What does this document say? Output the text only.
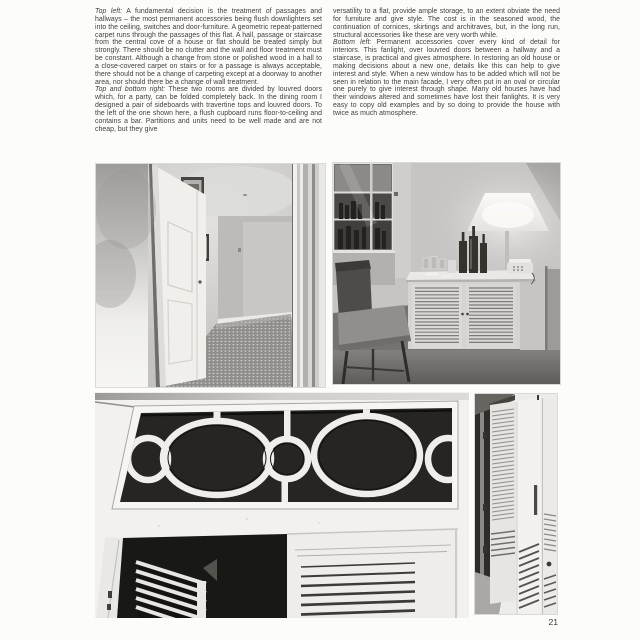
Top left: A fundamental decision is the treatment of passages and hallways – the most permanent accessories being flush downlighters set into the ceiling, switches and door-furniture. A geometric repeat-patterned carpet runs through the passages of this flat. A hall, passage or staircase from the central cove of a house or flat should be treated simply but strongly. There should be no clutter and the wall and floor treatment must be constant. Although a change from stone or polished wood in a hall to a close-covered carpet on stairs or for a passage is always acceptable, there should not be a change of carpeting except at a doorway to another area, nor should there be a change of wall treatment.

Top and bottom right: These two rooms are divided by louvred doors which, for a party, can be folded completely back. In the dining room I designed a pair of sideboards with travertine tops and louvred doors. To the left of the one shown here, a flush cupboard runs floor-to-ceiling and contains a bar. Partitions and units need to be well made and are not cheap, but they give

versatility to a flat, provide ample storage, to an extent obviate the need for furniture and give style. The cost is in the seasoned wood, the continuation of cornices, skirtings and architraves, but, in the long run, structural accessories like these are very worth while.

Bottom left: Permanent accessories cover every kind of detail for interiors. This fanlight, over louvred doors between a hallway and a staircase, is practical and gives atmosphere. In restoring an old house or making decisions about a new one, details like this can help to give interest and style. When a new window has to be added which will not be seen in relation to the main facade, I very often put in an oval or circular one purely to give interest through shape. Many old houses have had their windows altered and sometimes have lost their fanlights. It is very easy to copy old examples and by so doing to provide the house with twice as much atmosphere.

21
